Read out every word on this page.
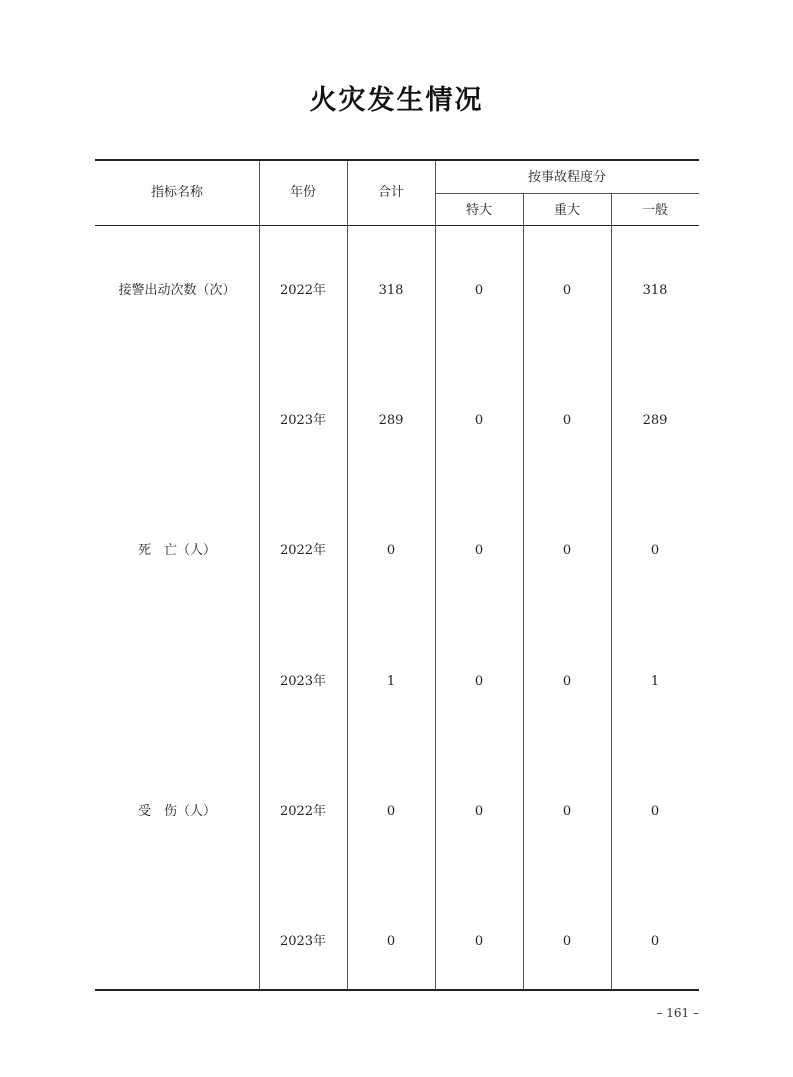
火灾发生情况
指标名称	年份	合计
按事故程度分
特大	重大	一般
接警出动次数（次）	2022年	318	0	0	318
2023年	289	0	0	289
死　亡（人）	2022年	0	0	0	0
2023年	1	0	0	1
受　伤（人）	2022年	0	0	0	0
2023年	0	0	0	0
– 161 –
